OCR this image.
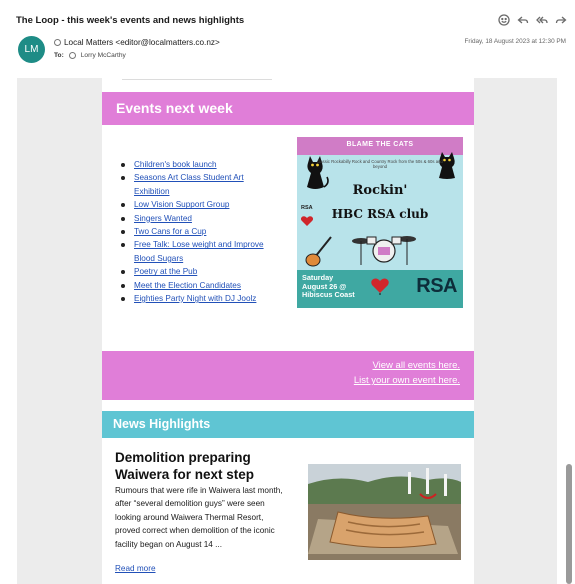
The Loop - this week's events and news highlights
LM
Local Matters <editor@localmatters.co.nz>
To:	Lorry McCarthy
Friday, 18 August 2023 at 12:30 PM
Events next week
Children's book launch
Seasons Art Class Student Art Exhibition
Low Vision Support Group
Singers Wanted
Two Cans for a Cup
Free Talk: Lose weight and Improve Blood Sugars
Poetry at the Pub
Meet the Election Candidates
Eighties Party Night with DJ Joolz
BLAME THE CATS
classic Rockabilly Rock and Country Rock from the 50s & 60s and beyond
Rockin'
HBC RSA club
RSA
Saturday
August 26 @
Hibiscus Coast	RSA
View all events here.
List your own event here.
News Highlights
Demolition preparing Waiwera for next step
Rumours that were rife in Waiwera last month, after “several demolition guys” were seen looking around Waiwera Thermal Resort, proved correct when demolition of the iconic facility began on August 14 ...
Read more
